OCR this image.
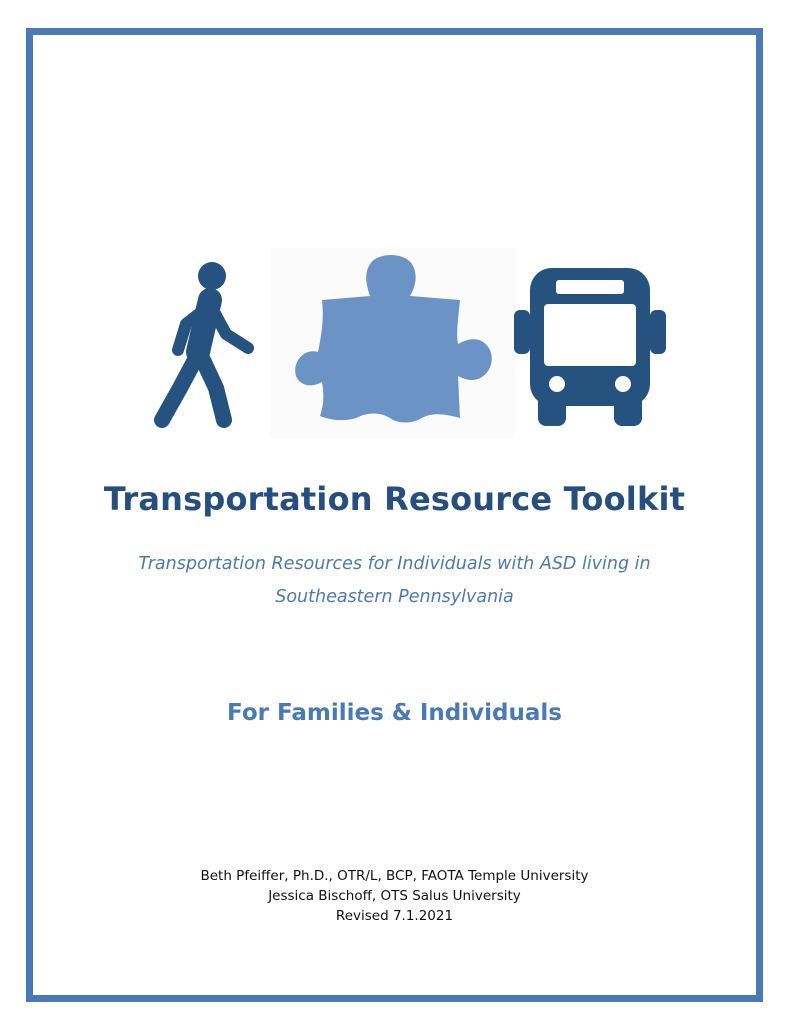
Transportation Resource Toolkit
Transportation Resources for Individuals with ASD living in
Southeastern Pennsylvania
For Families & Individuals
Beth Pfeiffer, Ph.D., OTR/L, BCP, FAOTA Temple University
Jessica Bischoff, OTS Salus University
Revised 7.1.2021
